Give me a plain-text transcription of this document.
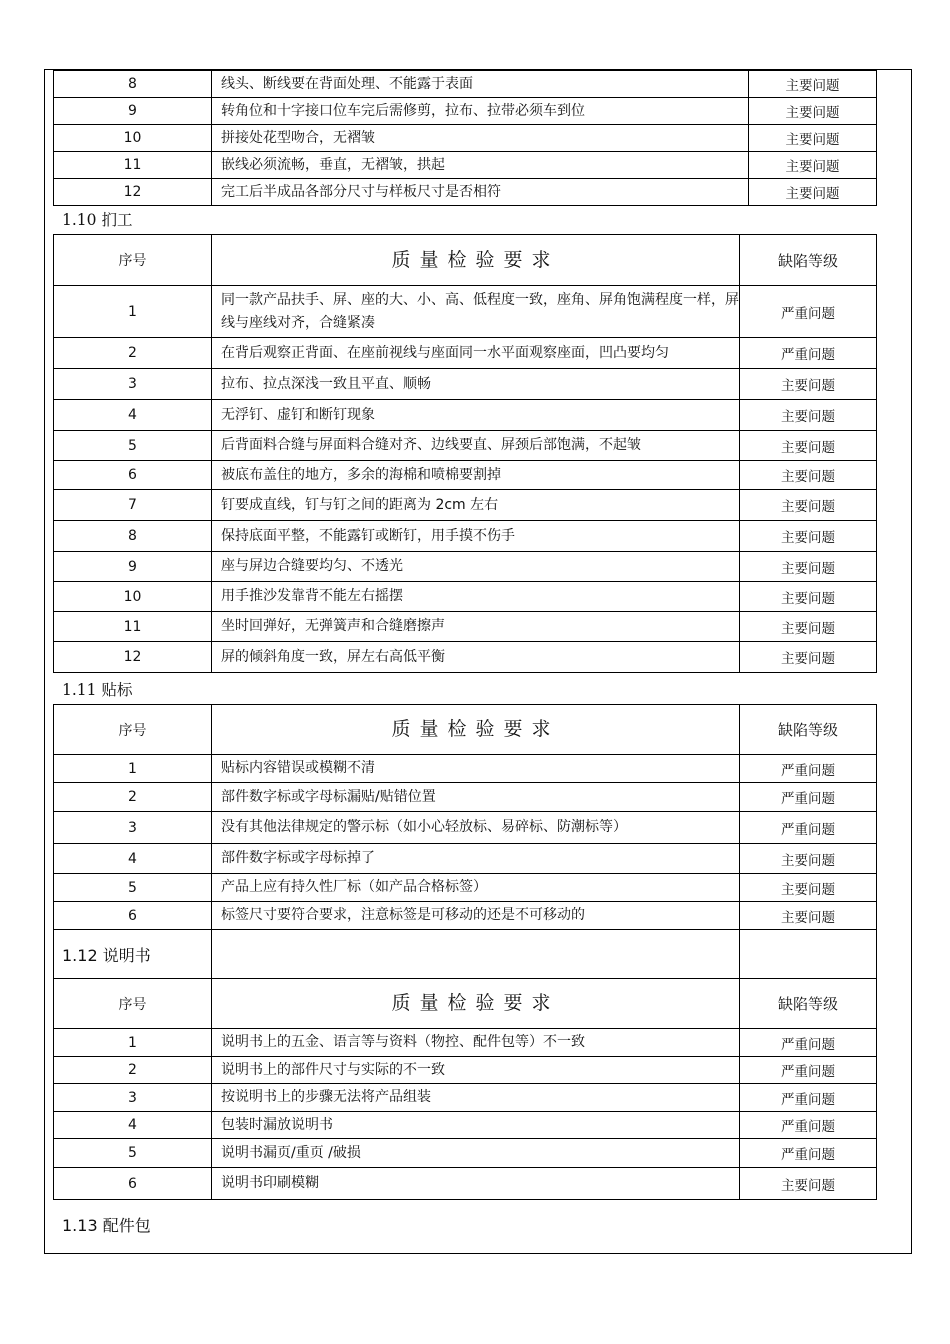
8	线头、断线要在背面处理、不能露于表面	主要问题
9	转角位和十字接口位车完后需修剪，拉布、拉带必须车到位	主要问题
10	拼接处花型吻合，无褶皱	主要问题
11	嵌线必须流畅，垂直，无褶皱，拱起	主要问题
12	完工后半成品各部分尺寸与样板尺寸是否相符	主要问题
1.10 扪工
序号	质量检验要求	缺陷等级
1	同一款产品扶手、屏、座的大、小、高、低程度一致，座角、屏角饱满程度一样，屏线与座线对齐，合缝紧凑	严重问题
2	在背后观察正背面、在座前视线与座面同一水平面观察座面，凹凸要均匀	严重问题
3	拉布、拉点深浅一致且平直、顺畅	主要问题
4	无浮钉、虚钉和断钉现象	主要问题
5	后背面料合缝与屏面料合缝对齐、边线要直、屏颈后部饱满，不起皱	主要问题
6	被底布盖住的地方，多余的海棉和喷棉要割掉	主要问题
7	钉要成直线，钉与钉之间的距离为 2cm 左右	主要问题
8	保持底面平整，不能露钉或断钉，用手摸不伤手	主要问题
9	座与屏边合缝要均匀、不透光	主要问题
10	用手推沙发靠背不能左右摇摆	主要问题
11	坐时回弹好，无弹簧声和合缝磨擦声	主要问题
12	屏的倾斜角度一致，屏左右高低平衡	主要问题
1.11 贴标
序号	质量检验要求	缺陷等级
1	贴标内容错误或模糊不清	严重问题
2	部件数字标或字母标漏贴/贴错位置	严重问题
3	没有其他法律规定的警示标（如小心轻放标、易碎标、防潮标等）	严重问题
4	部件数字标或字母标掉了	主要问题
5	产品上应有持久性厂标（如产品合格标签）	主要问题
6	标签尺寸要符合要求，注意标签是可移动的还是不可移动的	主要问题
1.12 说明书		
序号	质量检验要求	缺陷等级
1	说明书上的五金、语言等与资料（物控、配件包等）不一致	严重问题
2	说明书上的部件尺寸与实际的不一致	严重问题
3	按说明书上的步骤无法将产品组装	严重问题
4	包装时漏放说明书	严重问题
5	说明书漏页/重页 /破损	严重问题
6	说明书印刷模糊	主要问题
1.13 配件包
